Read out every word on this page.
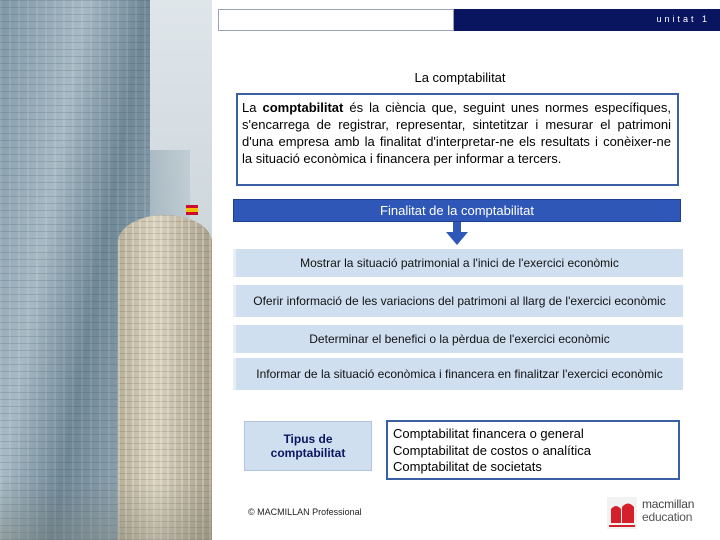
unitat 1
La comptabilitat
La comptabilitat és la ciència que, seguint unes normes específiques, s'encarrega de registrar, representar, sintetitzar i mesurar el patrimoni d'una empresa amb la finalitat d'interpretar-ne els resultats i conèixer-ne la situació econòmica i financera per informar a tercers.
Finalitat de la comptabilitat
Mostrar la situació patrimonial a l'inici de l'exercici econòmic
Oferir informació de les variacions del patrimoni al llarg de l'exercici econòmic
Determinar el benefici o la pèrdua de l'exercici econòmic
Informar de la situació econòmica i financera en finalitzar l'exercici econòmic
Tipus de comptabilitat
Comptabilitat financera o general
Comptabilitat de costos o analítica
Comptabilitat de societats
© MACMILLAN Professional
macmillan
education
